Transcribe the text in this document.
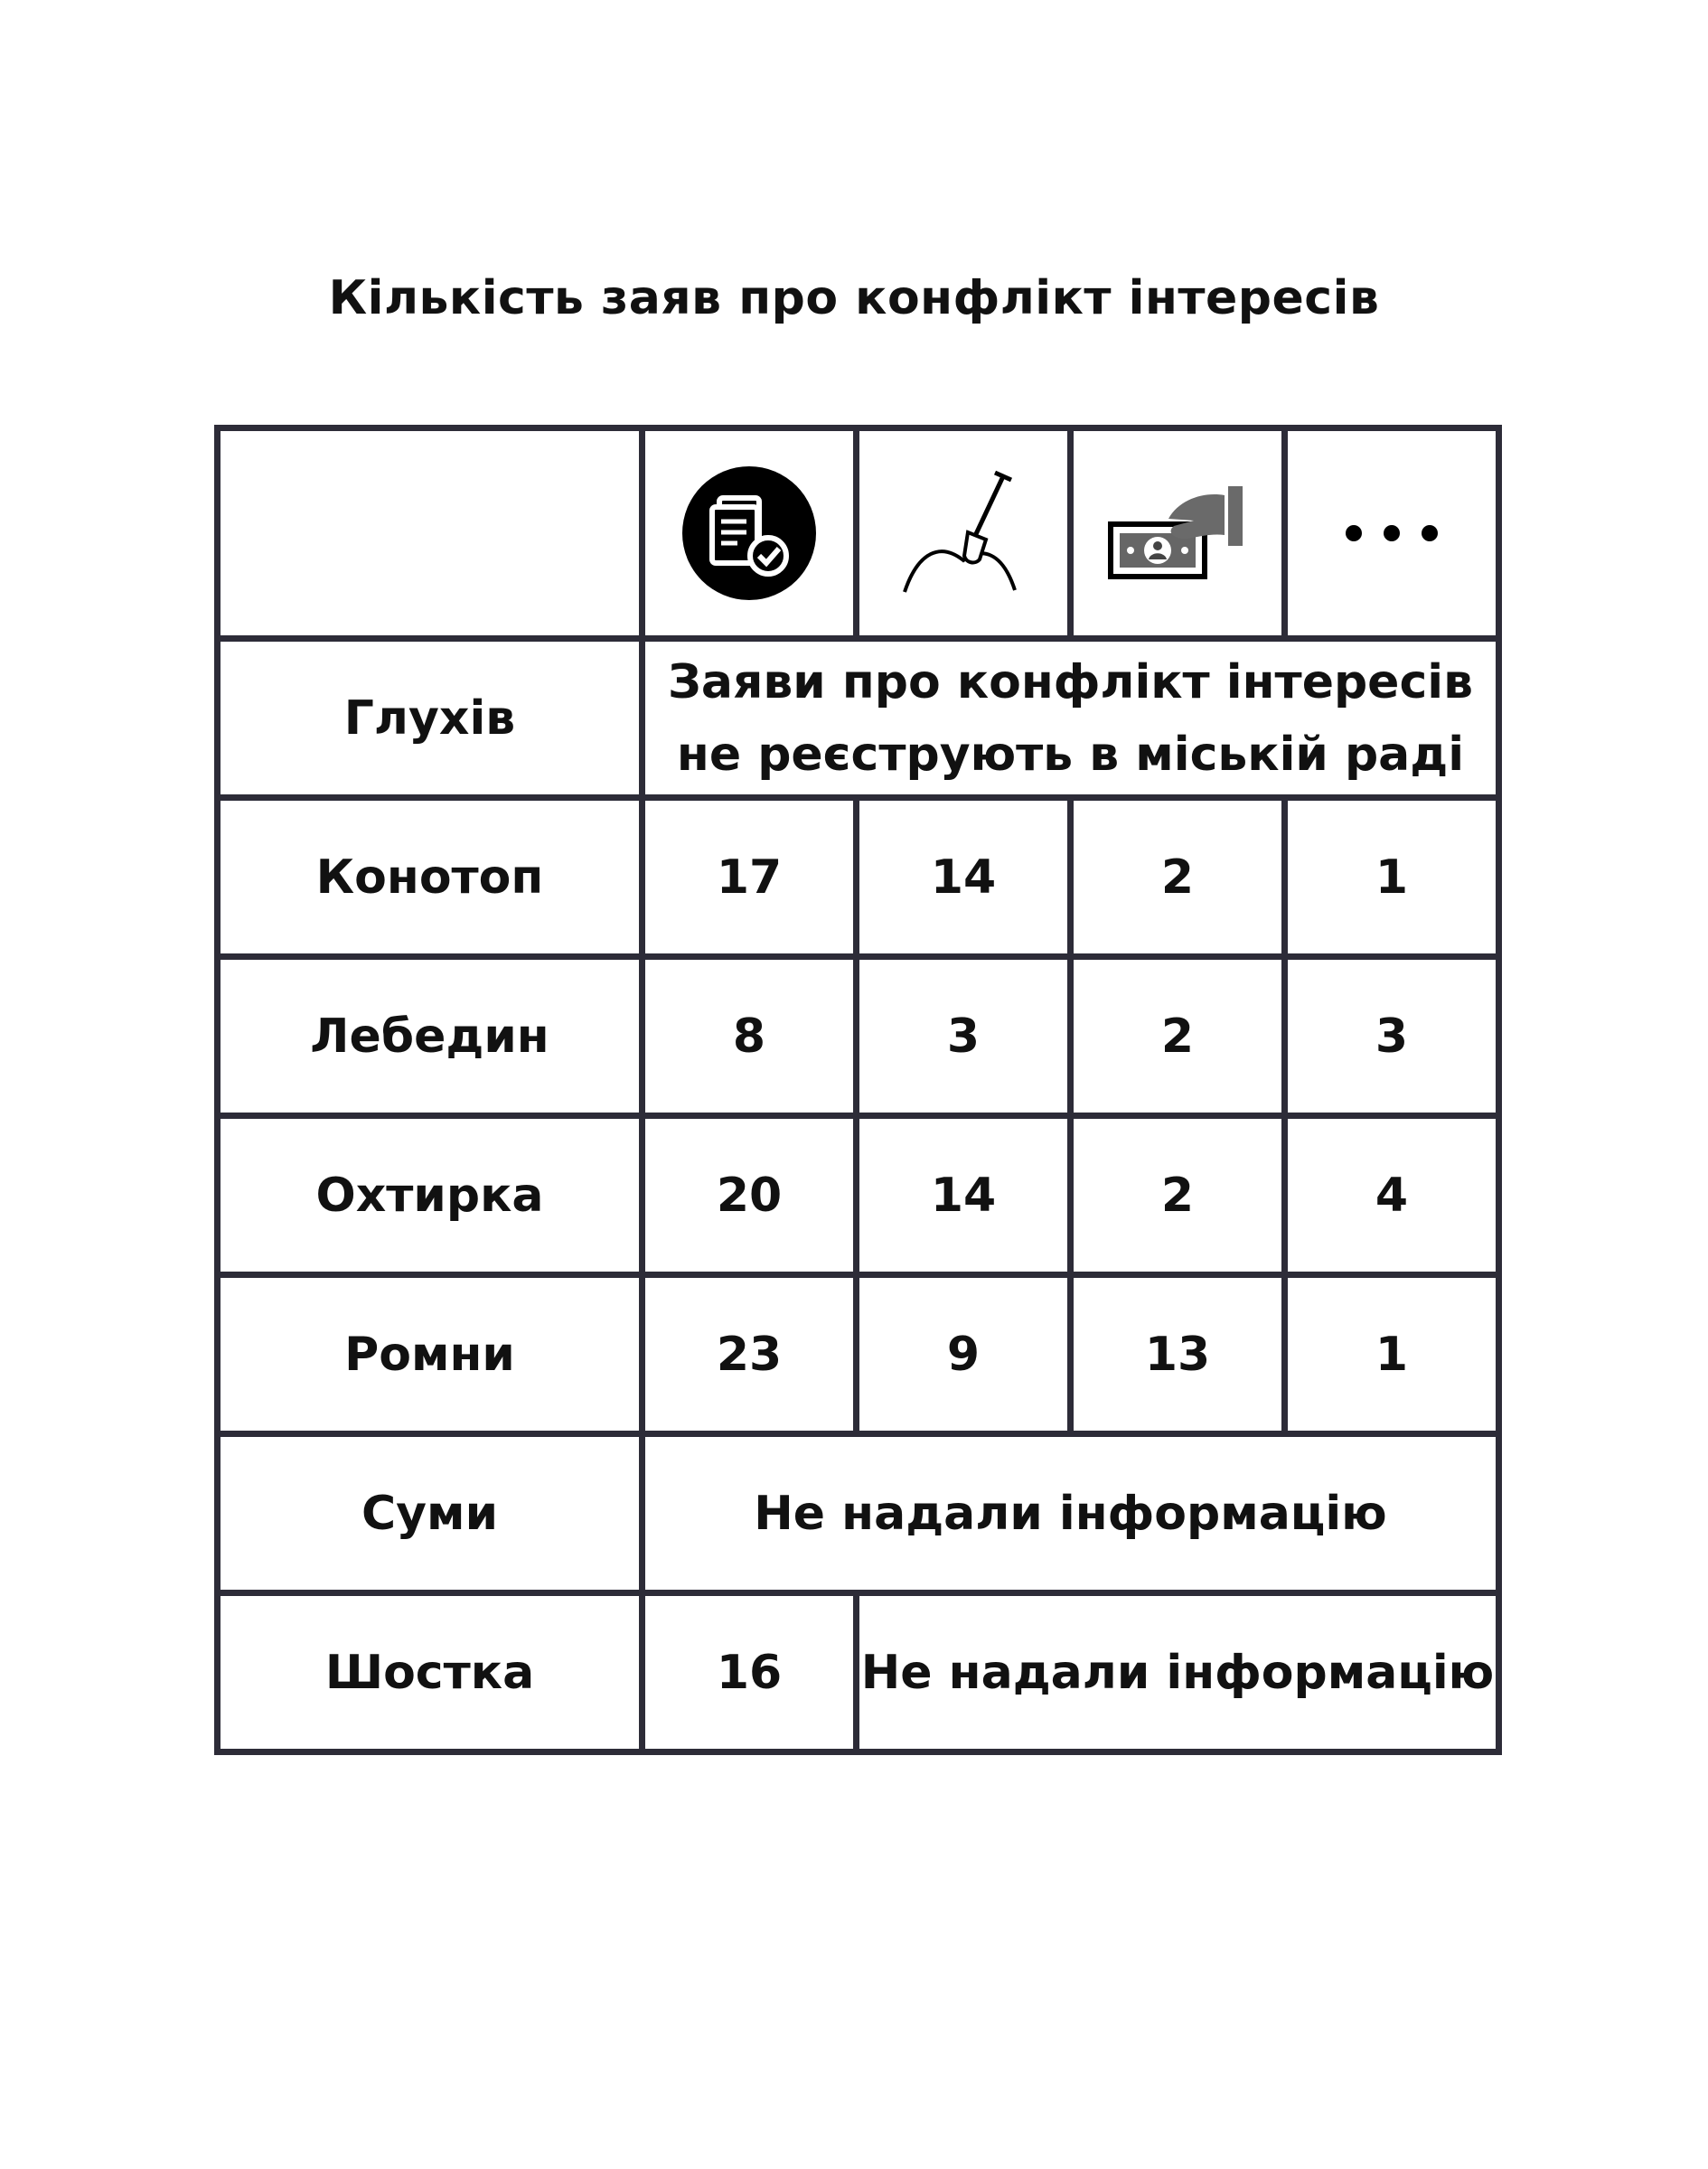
Кількість заяв про конфлікт інтересів

Глухів	Заяви про конфлікт інтересів
не реєструють в міській раді			

Конотоп	17	14	2	1
Лебедин	8	3	2	3
Охтирка	20	14	2	4
Ромни	23	9	13	1
Суми	Не надали інформацію			
Шостка	16	Не надали інформацію		
